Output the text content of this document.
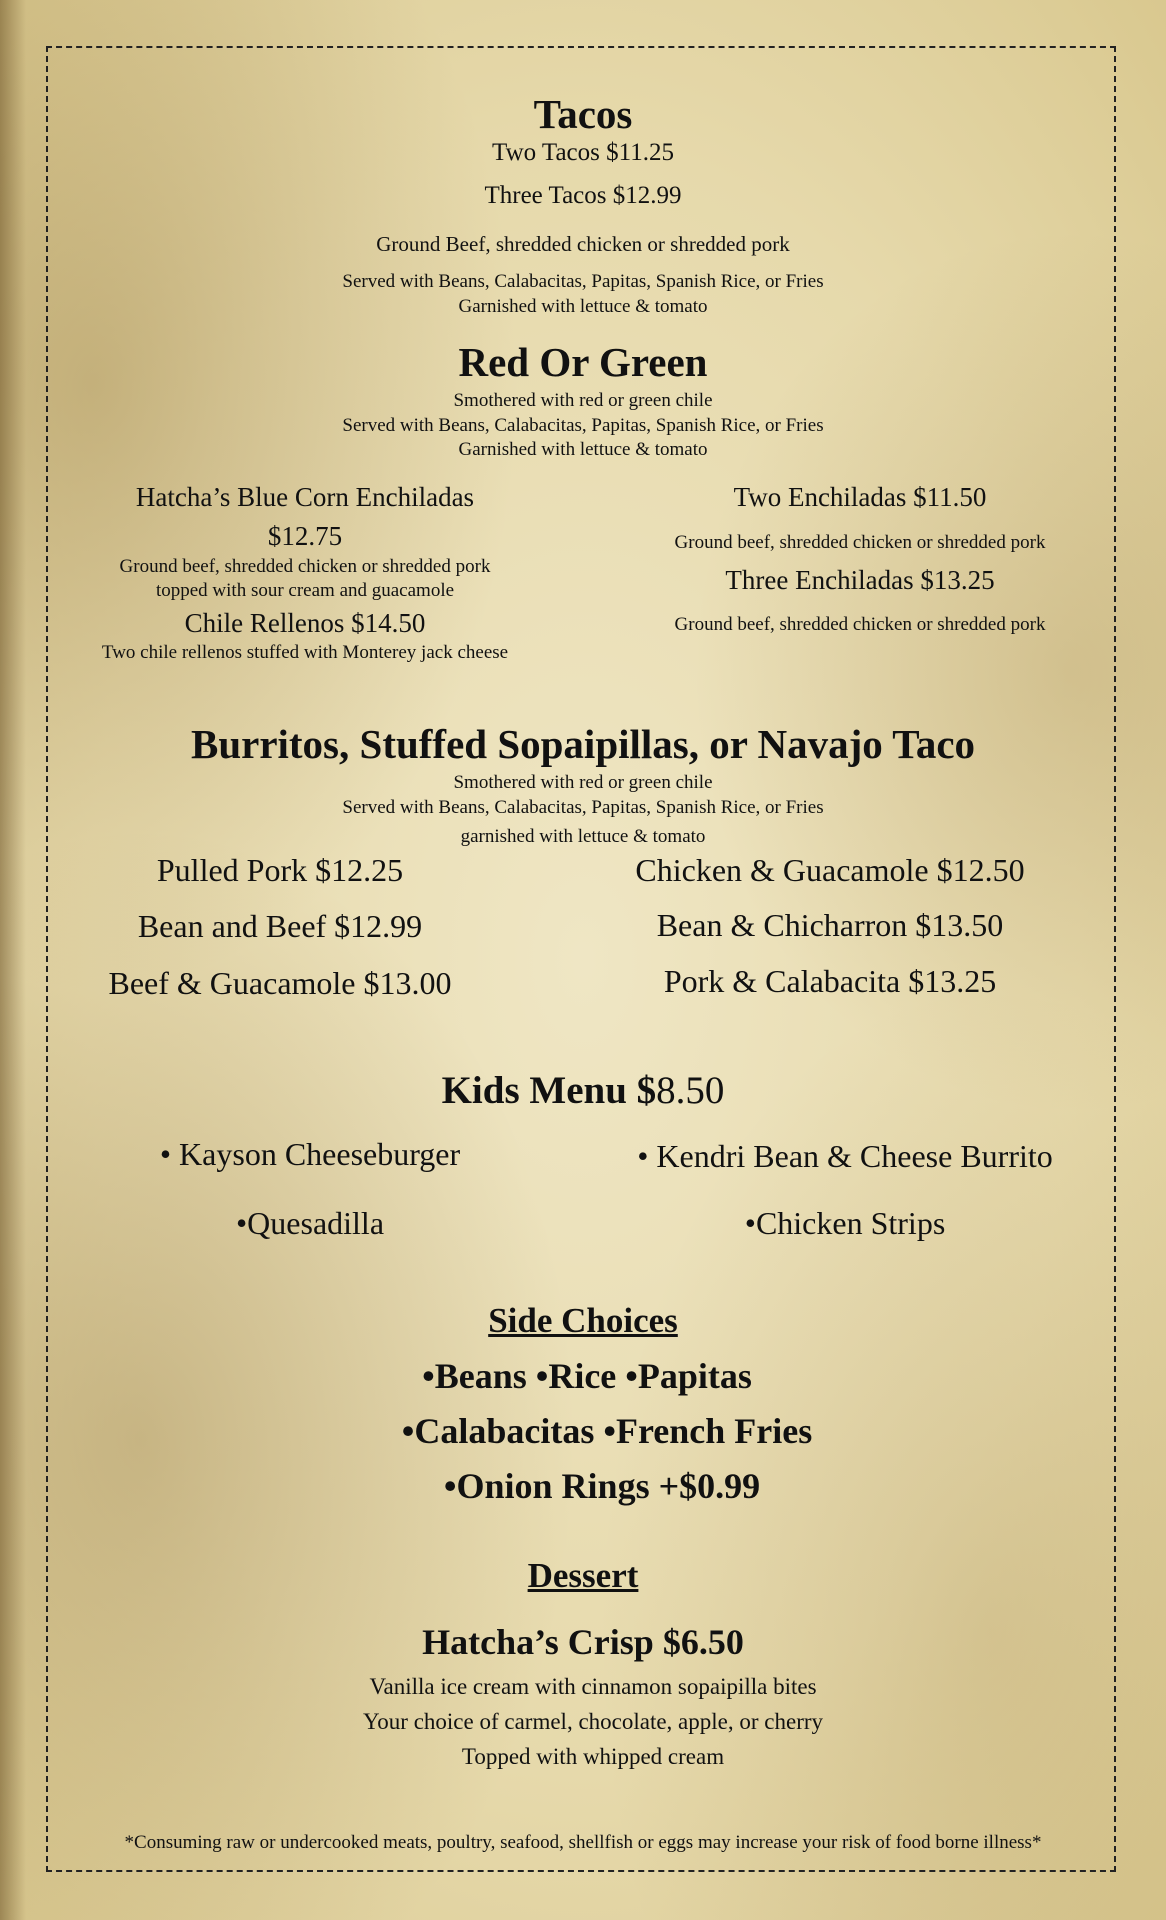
Tacos
Two Tacos $11.25
Three Tacos $12.99
Ground Beef, shredded chicken or shredded pork
Served with Beans, Calabacitas, Papitas, Spanish Rice, or Fries
Garnished with lettuce & tomato
Red Or Green
Smothered with red or green chile
Served with Beans, Calabacitas, Papitas, Spanish Rice, or Fries
Garnished with lettuce & tomato
Hatcha’s Blue Corn Enchiladas
$12.75
Ground beef, shredded chicken or shredded pork
topped with sour cream and guacamole
Chile Rellenos $14.50
Two chile rellenos stuffed with Monterey jack cheese
Two Enchiladas $11.50
Ground beef, shredded chicken or shredded pork
Three Enchiladas $13.25
Ground beef, shredded chicken or shredded pork
Burritos, Stuffed Sopaipillas, or Navajo Taco
Smothered with red or green chile
Served with Beans, Calabacitas, Papitas, Spanish Rice, or Fries
garnished with lettuce & tomato
Pulled Pork $12.25
Bean and Beef $12.99
Beef & Guacamole $13.00
Chicken & Guacamole $12.50
Bean & Chicharron $13.50
Pork & Calabacita $13.25
Kids Menu $8.50
• Kayson Cheeseburger	• Kendri Bean & Cheese Burrito
•Quesadilla	•Chicken Strips
Side Choices
•Beans •Rice •Papitas
•Calabacitas •French Fries
•Onion Rings +$0.99
Dessert
Hatcha’s Crisp $6.50
Vanilla ice cream with cinnamon sopaipilla bites
Your choice of carmel, chocolate, apple, or cherry
Topped with whipped cream
*Consuming raw or undercooked meats, poultry, seafood, shellfish or eggs may increase your risk of food borne illness*
